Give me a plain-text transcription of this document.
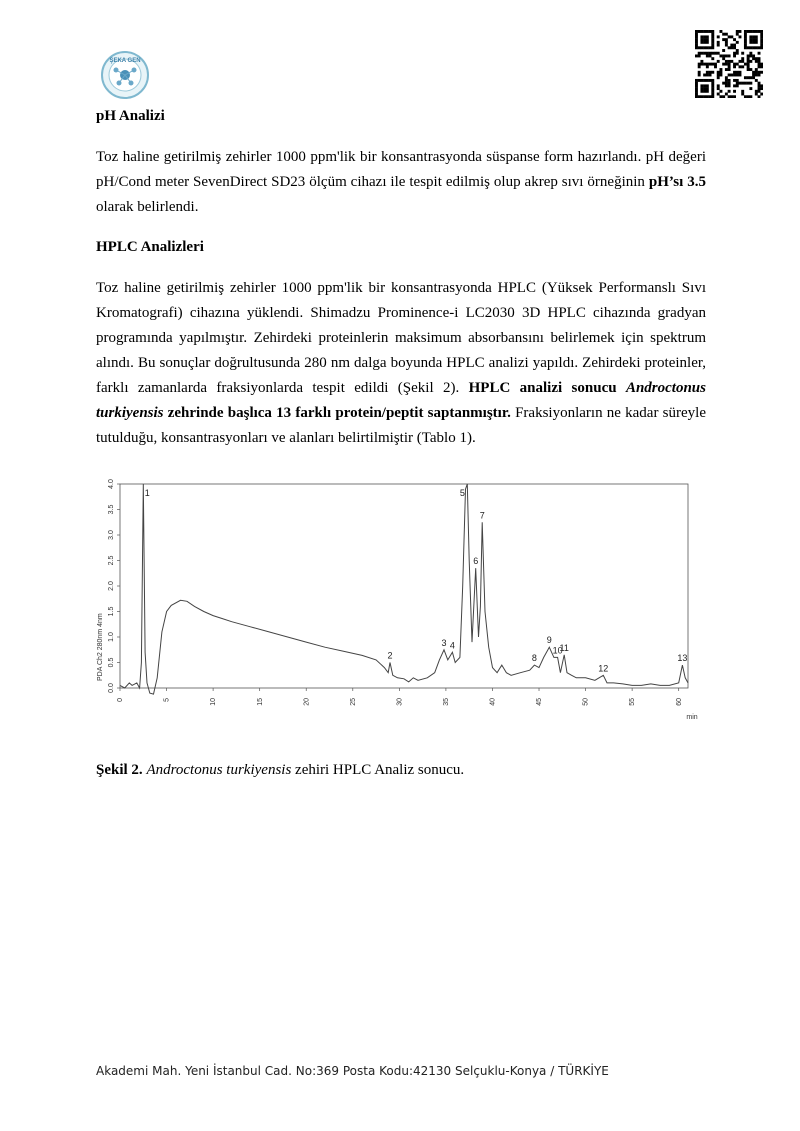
ŞEKA GEN
pH Analizi

Toz haline getirilmiş zehirler 1000 ppm'lik bir konsantrasyonda süspanse form hazırlandı. pH değeri pH/Cond meter SevenDirect SD23 ölçüm cihazı ile tespit edilmiş olup akrep sıvı örneğinin pH’sı 3.5 olarak belirlendi.

HPLC Analizleri

Toz haline getirilmiş zehirler 1000 ppm'lik bir konsantrasyonda HPLC (Yüksek Performanslı Sıvı Kromatografi) cihazına yüklendi. Shimadzu Prominence-i LC2030 3D HPLC cihazında gradyan programında yapılmıştır. Zehirdeki proteinlerin maksimum absorbansını belirlemek için spektrum alındı. Bu sonuçlar doğrultusunda 280 nm dalga boyunda HPLC analizi yapıldı. Zehirdeki proteinler, farklı zamanlarda fraksiyonlarda tespit edildi (Şekil 2). HPLC analizi sonucu Androctonus turkiyensis zehrinde başlıca 13 farklı protein/peptit saptanmıştır. Fraksiyonların ne kadar süreyle tutulduğu, konsantrasyonları ve alanları belirtilmiştir (Tablo 1).

PDA Ch2 280nm 4nm
min
0.0
0.5
1.0
1.5
2.0
2.5
3.0
3.5
4.0
0	5	10	15	20	25	30	35	40	45	50	55	60
1
2
3 4
5
6
7
8
9
10
11
12
13
Şekil 2. Androctonus turkiyensis zehiri HPLC Analiz sonucu.
Akademi Mah. Yeni İstanbul Cad. No:369 Posta Kodu:42130 Selçuklu-Konya / TÜRKİYE
